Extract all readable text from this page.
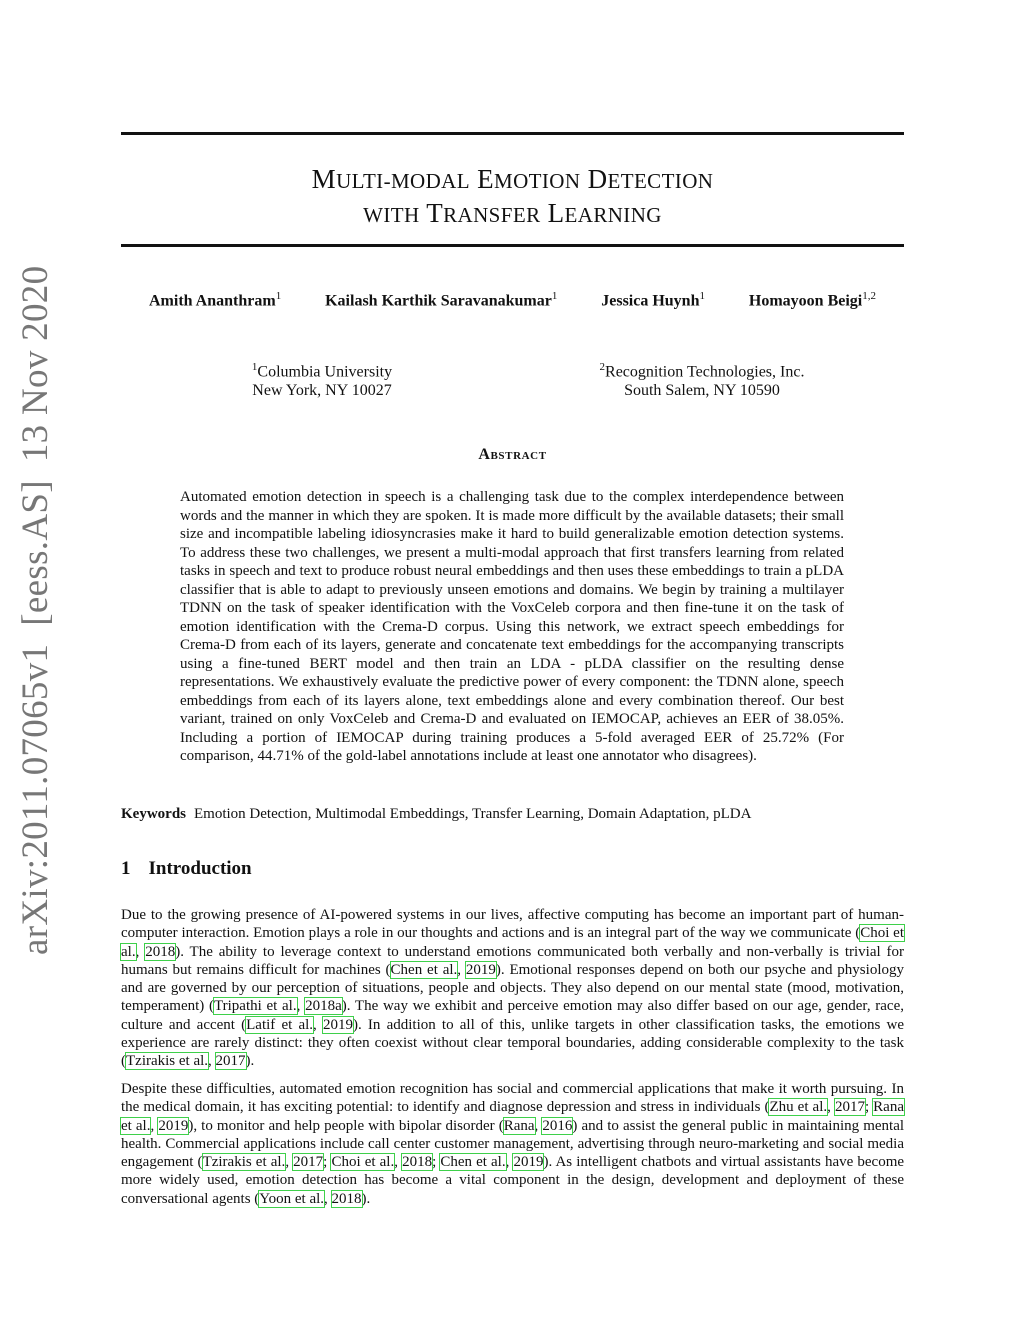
arXiv:2011.07065v1[eess.AS]13 Nov 2020
MULTI-MODAL EMOTION DETECTION
WITH TRANSFER LEARNING
Amith Ananthram$^1$	Kailash Karthik Saravanakumar$^1$	Jessica Huynh$^1$	Homayoon Beigi$^{1,2}$
$^1$Columbia University
New York, NY 10027
$^2$Recognition Technologies, Inc.
South Salem, NY 10590
Abstract

Automated emotion detection in speech is a challenging task due to the complex interdependence between words and the manner in which they are spoken. It is made more difficult by the available datasets; their small size and incompatible labeling idiosyncrasies make it hard to build generalizable emotion detection systems. To address these two challenges, we present a multi-modal approach that first transfers learning from related tasks in speech and text to produce robust neural embeddings and then uses these embeddings to train a pLDA classifier that is able to adapt to previously unseen emotions and domains. We begin by training a multilayer TDNN on the task of speaker identification with the VoxCeleb corpora and then fine-tune it on the task of emotion identification with the Crema-D corpus. Using this network, we extract speech embeddings for Crema-D from each of its layers, generate and concatenate text embeddings for the accompanying transcripts using a fine-tuned BERT model and then train an LDA - pLDA classifier on the resulting dense representations. We exhaustively evaluate the predictive power of every component: the TDNN alone, speech embeddings from each of its layers alone, text embeddings alone and every combination thereof. Our best variant, trained on only VoxCeleb and Crema-D and evaluated on IEMOCAP, achieves an EER of 38.05%. Including a portion of IEMOCAP during training produces a 5-fold averaged EER of 25.72% (For comparison, 44.71% of the gold-label annotations include at least one annotator who disagrees).

Keywords Emotion Detection, Multimodal Embeddings, Transfer Learning, Domain Adaptation, pLDA
1 Introduction

Due to the growing presence of AI-powered systems in our lives, affective computing has become an important part of human-computer interaction. Emotion plays a role in our thoughts and actions and is an integral part of the way we communicate (Choi et al., 2018). The ability to leverage context to understand emotions communicated both verbally and non-verbally is trivial for humans but remains difficult for machines (Chen et al., 2019). Emotional responses depend on both our psyche and physiology and are governed by our perception of situations, people and objects. They also depend on our mental state (mood, motivation, temperament) (Tripathi et al., 2018a). The way we exhibit and perceive emotion may also differ based on our age, gender, race, culture and accent (Latif et al., 2019). In addition to all of this, unlike targets in other classification tasks, the emotions we experience are rarely distinct: they often coexist without clear temporal boundaries, adding considerable complexity to the task (Tzirakis et al., 2017).

Despite these difficulties, automated emotion recognition has social and commercial applications that make it worth pursuing. In the medical domain, it has exciting potential: to identify and diagnose depression and stress in individuals (Zhu et al., 2017; Rana et al., 2019), to monitor and help people with bipolar disorder (Rana, 2016) and to assist the general public in maintaining mental health. Commercial applications include call center customer management, advertising through neuro-marketing and social media engagement (Tzirakis et al., 2017; Choi et al., 2018; Chen et al., 2019). As intelligent chatbots and virtual assistants have become more widely used, emotion detection has become a vital component in the design, development and deployment of these conversational agents (Yoon et al., 2018).
